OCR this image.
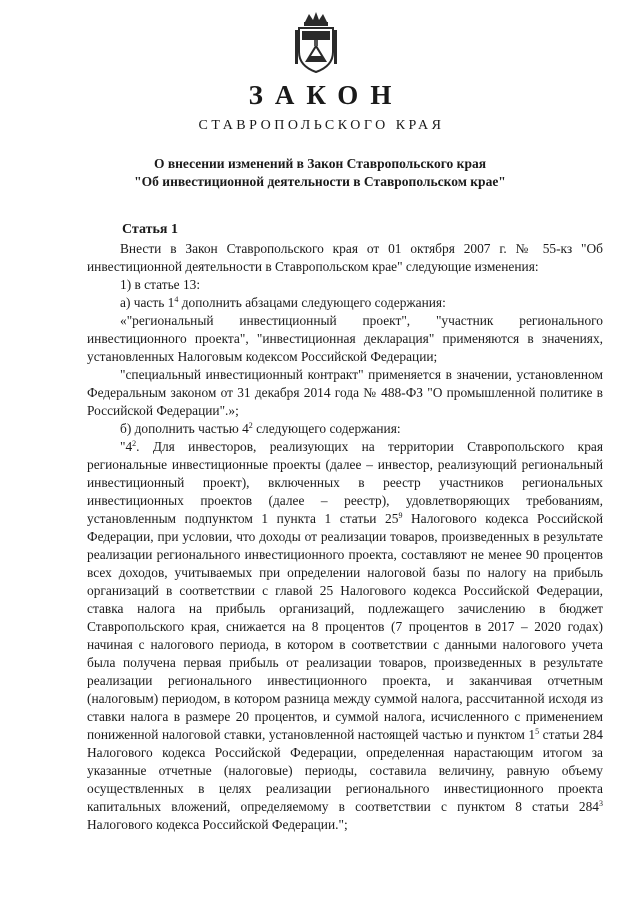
ЗАКОН
СТАВРОПОЛЬСКОГО КРАЯ
О внесении изменений в Закон Ставропольского края
"Об инвестиционной деятельности в Ставропольском крае"
Статья 1

Внести в Закон Ставропольского края от 01 октября 2007 г. № 55-кз "Об инвестиционной деятельности в Ставропольском крае" следующие изменения:

1) в статье 13:

а) часть $1^4$ дополнить абзацами следующего содержания:

«"региональный инвестиционный проект", "участник регионального инвестиционного проекта", "инвестиционная декларация" применяются в значениях, установленных Налоговым кодексом Российской Федерации;

"специальный инвестиционный контракт" применяется в значении, установленном Федеральным законом от 31 декабря 2014 года № 488-ФЗ "О промышленной политике в Российской Федерации".»;

б) дополнить частью $4^2$ следующего содержания:

"$4^2$. Для инвесторов, реализующих на территории Ставропольского края региональные инвестиционные проекты (далее – инвестор, реализующий региональный инвестиционный проект), включенных в реестр участников региональных инвестиционных проектов (далее – реестр), удовлетворяющих требованиям, установленным подпунктом 1 пункта 1 статьи $25^9$ Налогового кодекса Российской Федерации, при условии, что доходы от реализации товаров, произведенных в результате реализации регионального инвестиционного проекта, составляют не менее 90 процентов всех доходов, учитываемых при определении налоговой базы по налогу на прибыль организаций в соответствии с главой 25 Налогового кодекса Российской Федерации, ставка налога на прибыль организаций, подлежащего зачислению в бюджет Ставропольского края, снижается на 8 процентов (7 процентов в 2017 – 2020 годах) начиная с налогового периода, в котором в соответствии с данными налогового учета была получена первая прибыль от реализации товаров, произведенных в результате реализации регионального инвестиционного проекта, и заканчивая отчетным (налоговым) периодом, в котором разница между суммой налога, рассчитанной исходя из ставки налога в размере 20 процентов, и суммой налога, исчисленного с применением пониженной налоговой ставки, установленной настоящей частью и пунктом $1^5$ статьи 284 Налогового кодекса Российской Федерации, определенная нарастающим итогом за указанные отчетные (налоговые) периоды, составила величину, равную объему осуществленных в целях реализации регионального инвестиционного проекта капитальных вложений, определяемому в соответствии с пунктом 8 статьи $284^3$ Налогового кодекса Российской Федерации.";
